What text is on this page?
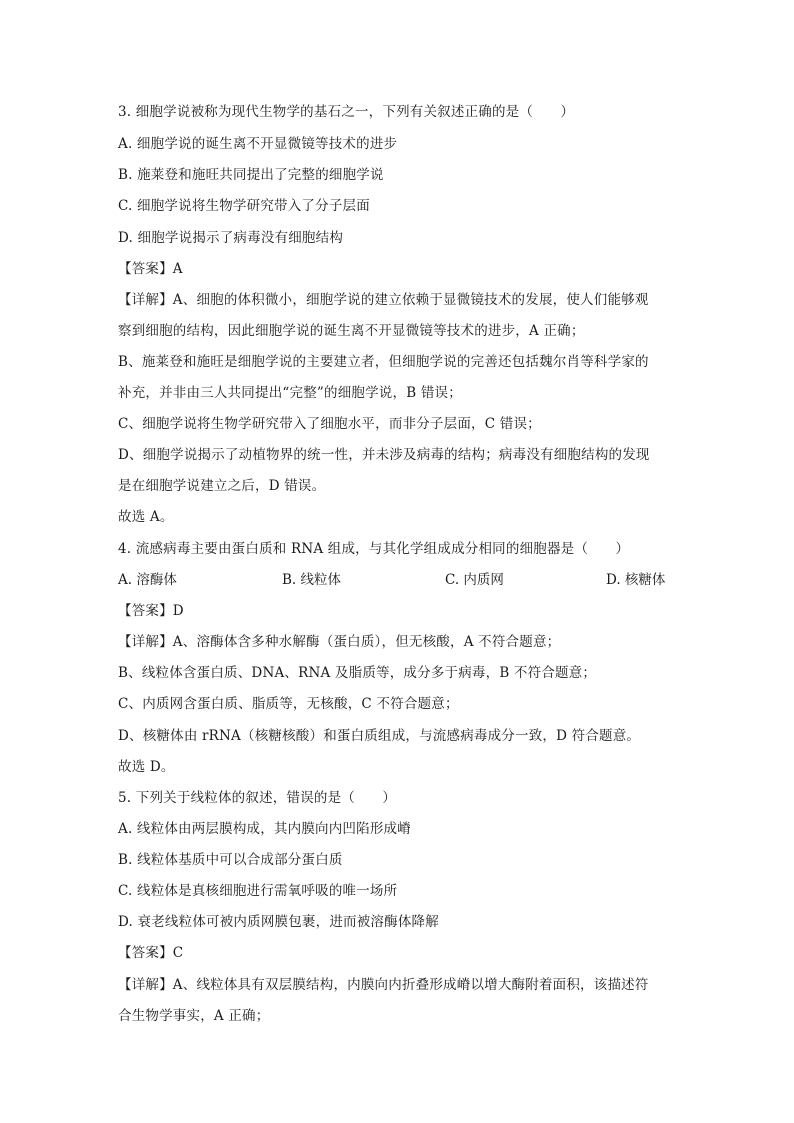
3. 细胞学说被称为现代生物学的基石之一，下列有关叙述正确的是（　　）
A. 细胞学说的诞生离不开显微镜等技术的进步
B. 施莱登和施旺共同提出了完整的细胞学说
C. 细胞学说将生物学研究带入了分子层面
D. 细胞学说揭示了病毒没有细胞结构
【答案】A
【详解】A、细胞的体积微小，细胞学说的建立依赖于显微镜技术的发展，使人们能够观
察到细胞的结构，因此细胞学说的诞生离不开显微镜等技术的进步，A 正确；
B、施莱登和施旺是细胞学说的主要建立者，但细胞学说的完善还包括魏尔肖等科学家的
补充，并非由三人共同提出“完整”的细胞学说，B 错误；
C、细胞学说将生物学研究带入了细胞水平，而非分子层面，C 错误；
D、细胞学说揭示了动植物界的统一性，并未涉及病毒的结构；病毒没有细胞结构的发现
是在细胞学说建立之后，D 错误。
故选 A。
4. 流感病毒主要由蛋白质和 RNA 组成，与其化学组成成分相同的细胞器是（　　）
A. 溶酶体	B. 线粒体	C. 内质网	D. 核糖体
【答案】D
【详解】A、溶酶体含多种水解酶（蛋白质），但无核酸，A 不符合题意；
B、线粒体含蛋白质、DNA、RNA 及脂质等，成分多于病毒，B 不符合题意；
C、内质网含蛋白质、脂质等，无核酸，C 不符合题意；
D、核糖体由 rRNA（核糖核酸）和蛋白质组成，与流感病毒成分一致，D 符合题意。
故选 D。
5. 下列关于线粒体的叙述，错误的是（　　）
A. 线粒体由两层膜构成，其内膜向内凹陷形成嵴
B. 线粒体基质中可以合成部分蛋白质
C. 线粒体是真核细胞进行需氧呼吸的唯一场所
D. 衰老线粒体可被内质网膜包裹，进而被溶酶体降解
【答案】C
【详解】A、线粒体具有双层膜结构，内膜向内折叠形成嵴以增大酶附着面积，该描述符
合生物学事实，A 正确；
